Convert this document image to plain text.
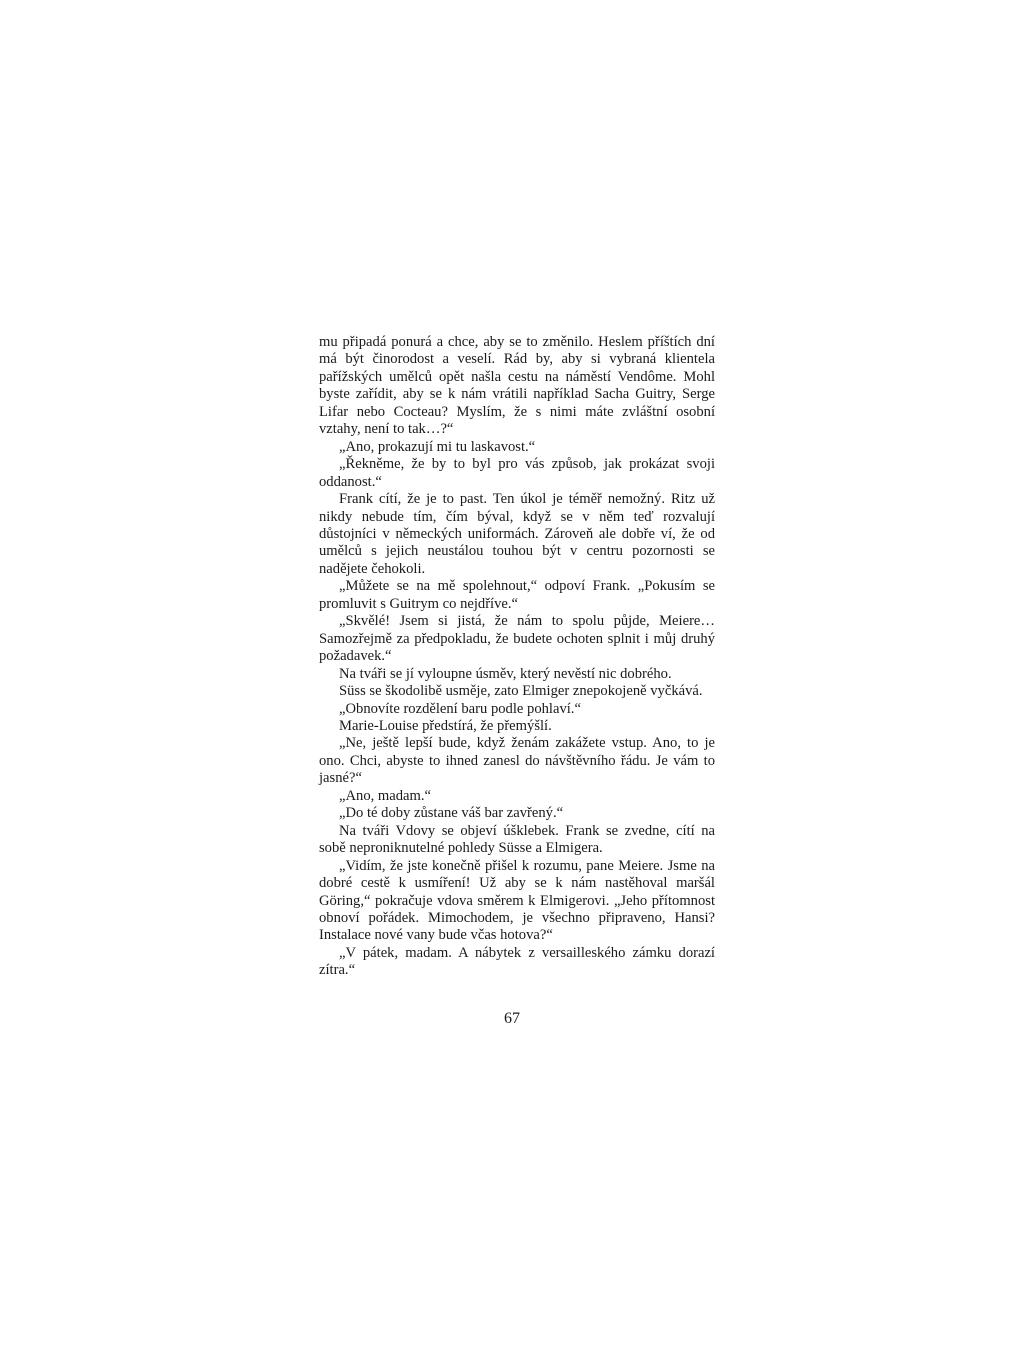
mu připadá ponurá a chce, aby se to změnilo. Heslem příštích dní má být činorodost a veselí. Rád by, aby si vybraná klientela pařížských umělců opět našla cestu na náměstí Vendôme. Mohl byste zařídit, aby se k nám vrátili například Sacha Guitry, Serge Lifar nebo Cocteau? Myslím, že s nimi máte zvláštní osobní vztahy, není to tak…?“

„Ano, prokazují mi tu laskavost.“

„Řekněme, že by to byl pro vás způsob, jak prokázat svoji oddanost.“

Frank cítí, že je to past. Ten úkol je téměř nemožný. Ritz už nikdy nebude tím, čím býval, když se v něm teď rozvalují důstojníci v německých uniformách. Zároveň ale dobře ví, že od umělců s jejich neustálou touhou být v centru pozornosti se nadějete čehokoli.

„Můžete se na mě spolehnout,“ odpoví Frank. „Pokusím se promluvit s Guitrym co nejdříve.“

„Skvělé! Jsem si jistá, že nám to spolu půjde, Meiere… Samozřejmě za předpokladu, že budete ochoten splnit i můj druhý požadavek.“

Na tváři se jí vyloupne úsměv, který nevěstí nic dobrého.

Süss se škodolibě usměje, zato Elmiger znepokojeně vyčkává.

„Obnovíte rozdělení baru podle pohlaví.“

Marie-Louise předstírá, že přemýšlí.

„Ne, ještě lepší bude, když ženám zakážete vstup. Ano, to je ono. Chci, abyste to ihned zanesl do návštěvního řádu. Je vám to jasné?“

„Ano, madam.“

„Do té doby zůstane váš bar zavřený.“

Na tváři Vdovy se objeví úšklebek. Frank se zvedne, cítí na sobě neproniknutelné pohledy Süsse a Elmigera.

„Vidím, že jste konečně přišel k rozumu, pane Meiere. Jsme na dobré cestě k usmíření! Už aby se k nám nastěhoval maršál Göring,“ pokračuje vdova směrem k Elmigerovi. „Jeho přítomnost obnoví pořádek. Mimochodem, je všechno připraveno, Hansi? Instalace nové vany bude včas hotova?“

„V pátek, madam. A nábytek z versailleského zámku dorazí zítra.“

67
